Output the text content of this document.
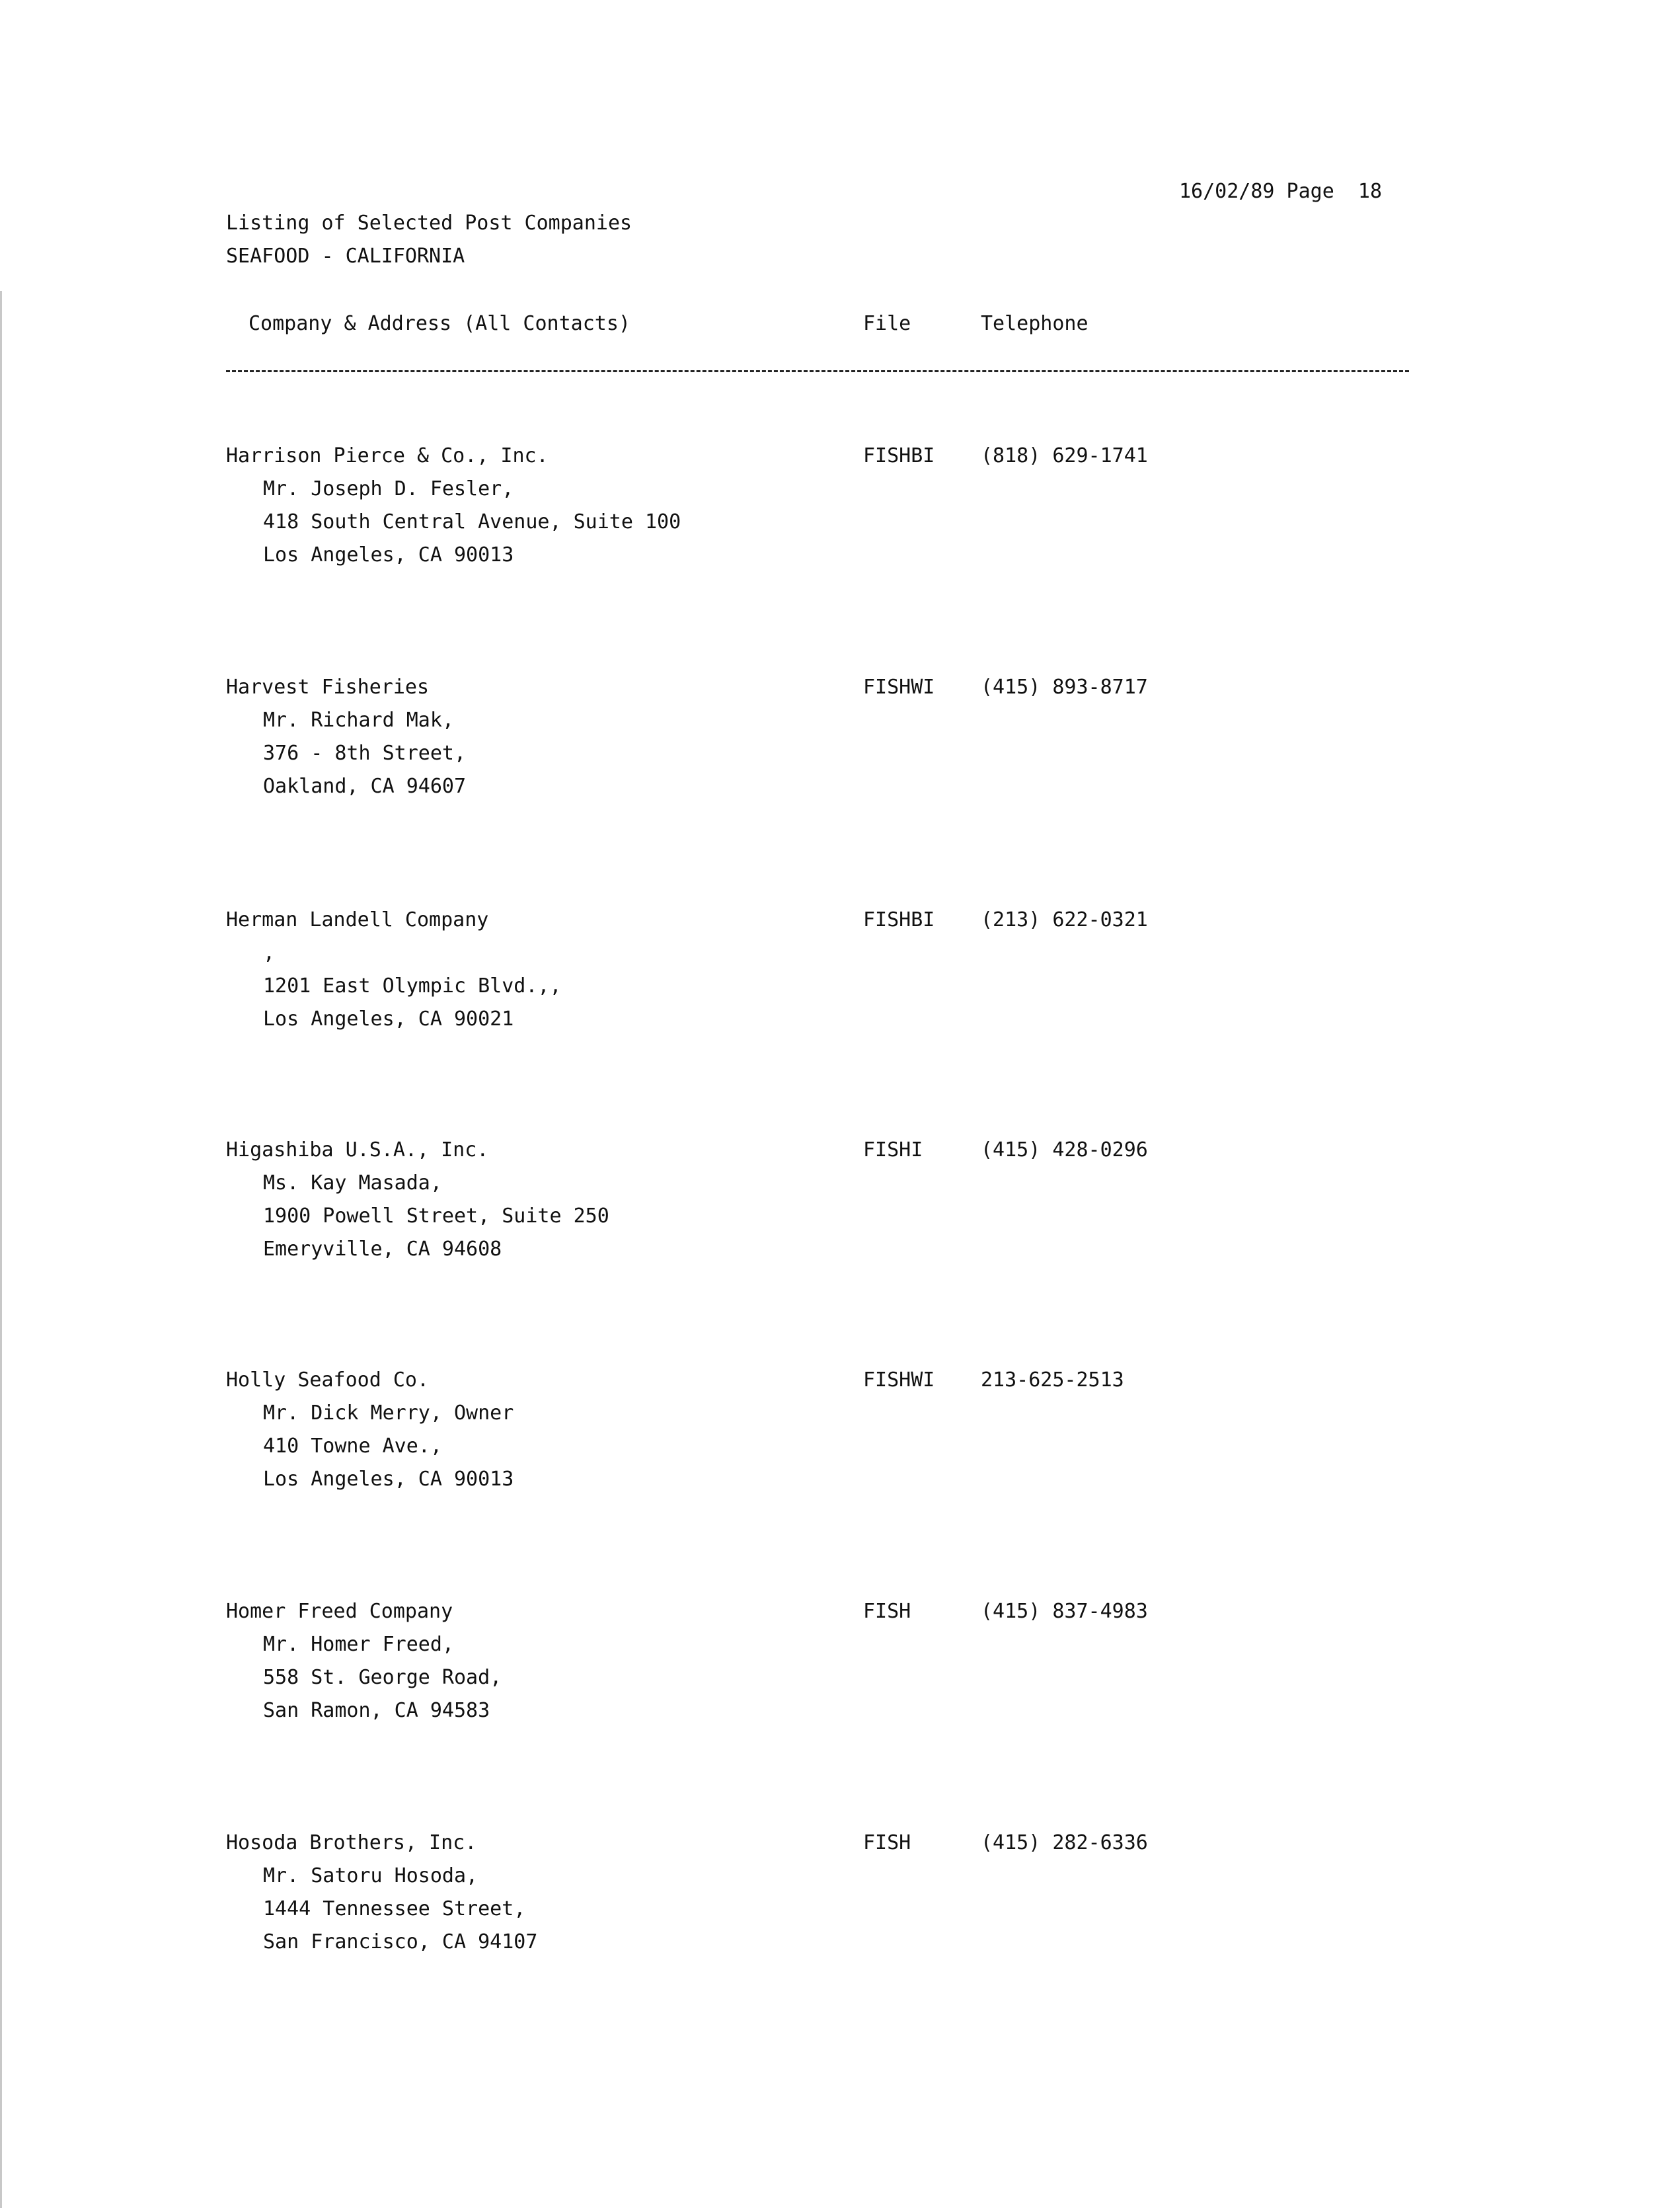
16/02/89 Page  18
Listing of Selected Post Companies
SEAFOOD - CALIFORNIA
Company & Address (All Contacts)	File	Telephone
Harrison Pierce & Co., Inc.	FISHBI (818) 629-1741
Mr. Joseph D. Fesler,
418 South Central Avenue, Suite 100
Los Angeles, CA 90013
Harvest Fisheries	FISHWI (415) 893-8717
Mr. Richard Mak,
376 - 8th Street,
Oakland, CA 94607
Herman Landell Company	FISHBI (213) 622-0321
,
1201 East Olympic Blvd.,,
Los Angeles, CA 90021
Higashiba U.S.A., Inc.	FISHI	(415) 428-0296
Ms. Kay Masada,
1900 Powell Street, Suite 250
Emeryville, CA 94608
Holly Seafood Co.	FISHWI 213-625-2513
Mr. Dick Merry, Owner
410 Towne Ave.,
Los Angeles, CA 90013
Homer Freed Company	FISH	(415) 837-4983
Mr. Homer Freed,
558 St. George Road,
San Ramon, CA 94583
Hosoda Brothers, Inc.	FISH	(415) 282-6336
Mr. Satoru Hosoda,
1444 Tennessee Street,
San Francisco, CA 94107
